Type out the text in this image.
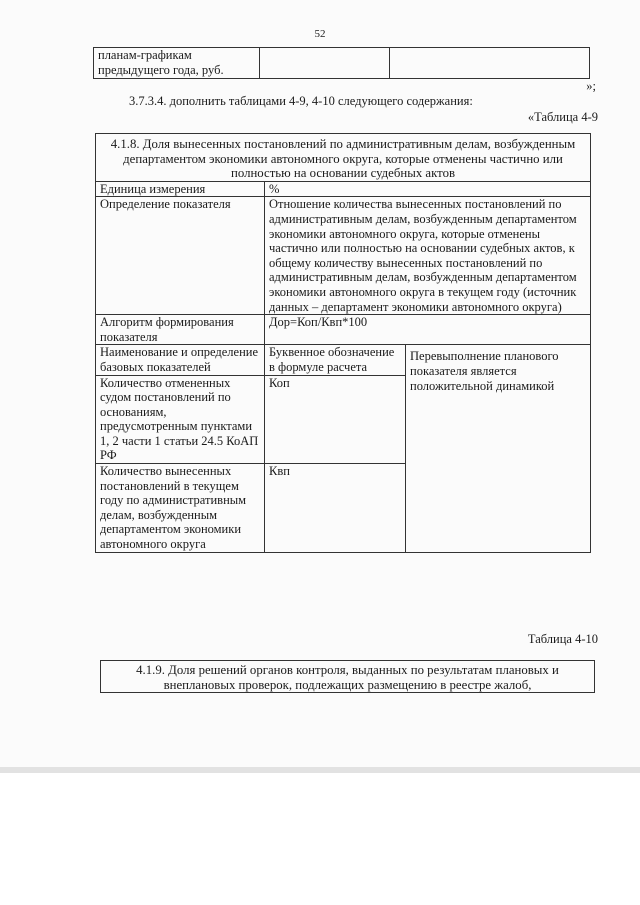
52
планам-графикам предыдущего года, руб.		
»;
3.7.3.4. дополнить таблицами 4-9, 4-10 следующего содержания:
«Таблица 4-9
4.1.8. Доля вынесенных постановлений по административным делам, возбужденным департаментом экономики автономного округа, которые отменены частично или полностью на основании судебных актов		
Единица измерения	%	
Определение показателя	Отношение количества вынесенных постановлений по административным делам, возбужденным департаментом экономики автономного округа, которые отменены частично или полностью на основании судебных актов, к общему количеству вынесенных постановлений по административным делам, возбужденным департаментом экономики автономного округа в текущем году (источник данных – департамент экономики автономного округа)	
Алгоритм формирования показателя	Дор=Коп/Квп*100	
Наименование и определение базовых показателей	Буквенное обозначение в формуле расчета	Перевыполнение планового показателя является положительной динамикой
Количество отмененных судом постановлений по основаниям, предусмотренным пунктами 1, 2 части 1 статьи 24.5 КоАП РФ	Коп	
Количество вынесенных постановлений в текущем году по административным делам, возбужденным департаментом экономики автономного округа	Квп	
Таблица 4-10
4.1.9. Доля решений органов контроля, выданных по результатам плановых и внеплановых проверок, подлежащих размещению в реестре жалоб,
